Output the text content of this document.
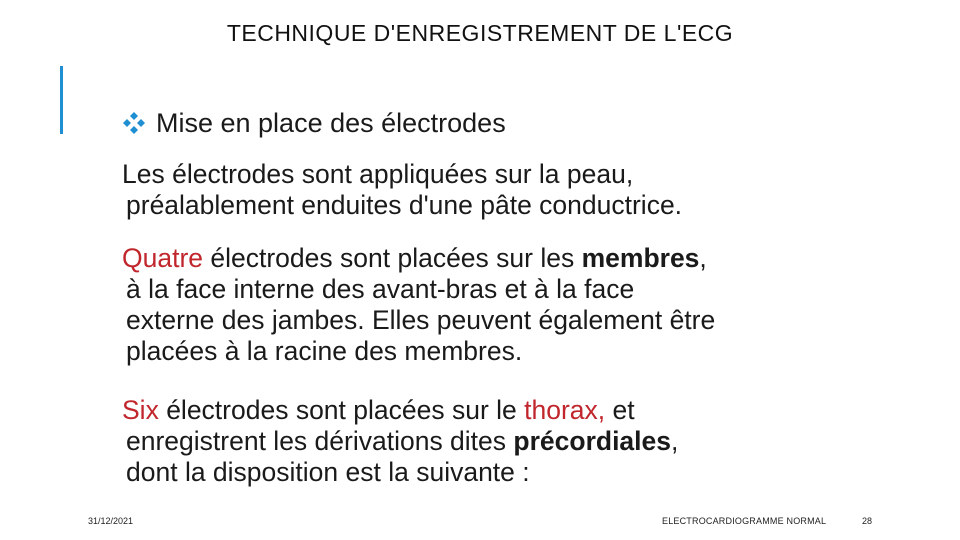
TECHNIQUE D'ENREGISTREMENT DE L'ECG
Mise en place des électrodes
Les électrodes sont appliquées sur la peau,
préalablement enduites d'une pâte conductrice.
Quatre électrodes sont placées sur les membres,
à la face interne des avant-bras et à la face
externe des jambes. Elles peuvent également être
placées à la racine des membres.
Six électrodes sont placées sur le thorax, et
enregistrent les dérivations dites précordiales,
dont la disposition est la suivante :
31/12/2021	ELECTROCARDIOGRAMME NORMAL	28
